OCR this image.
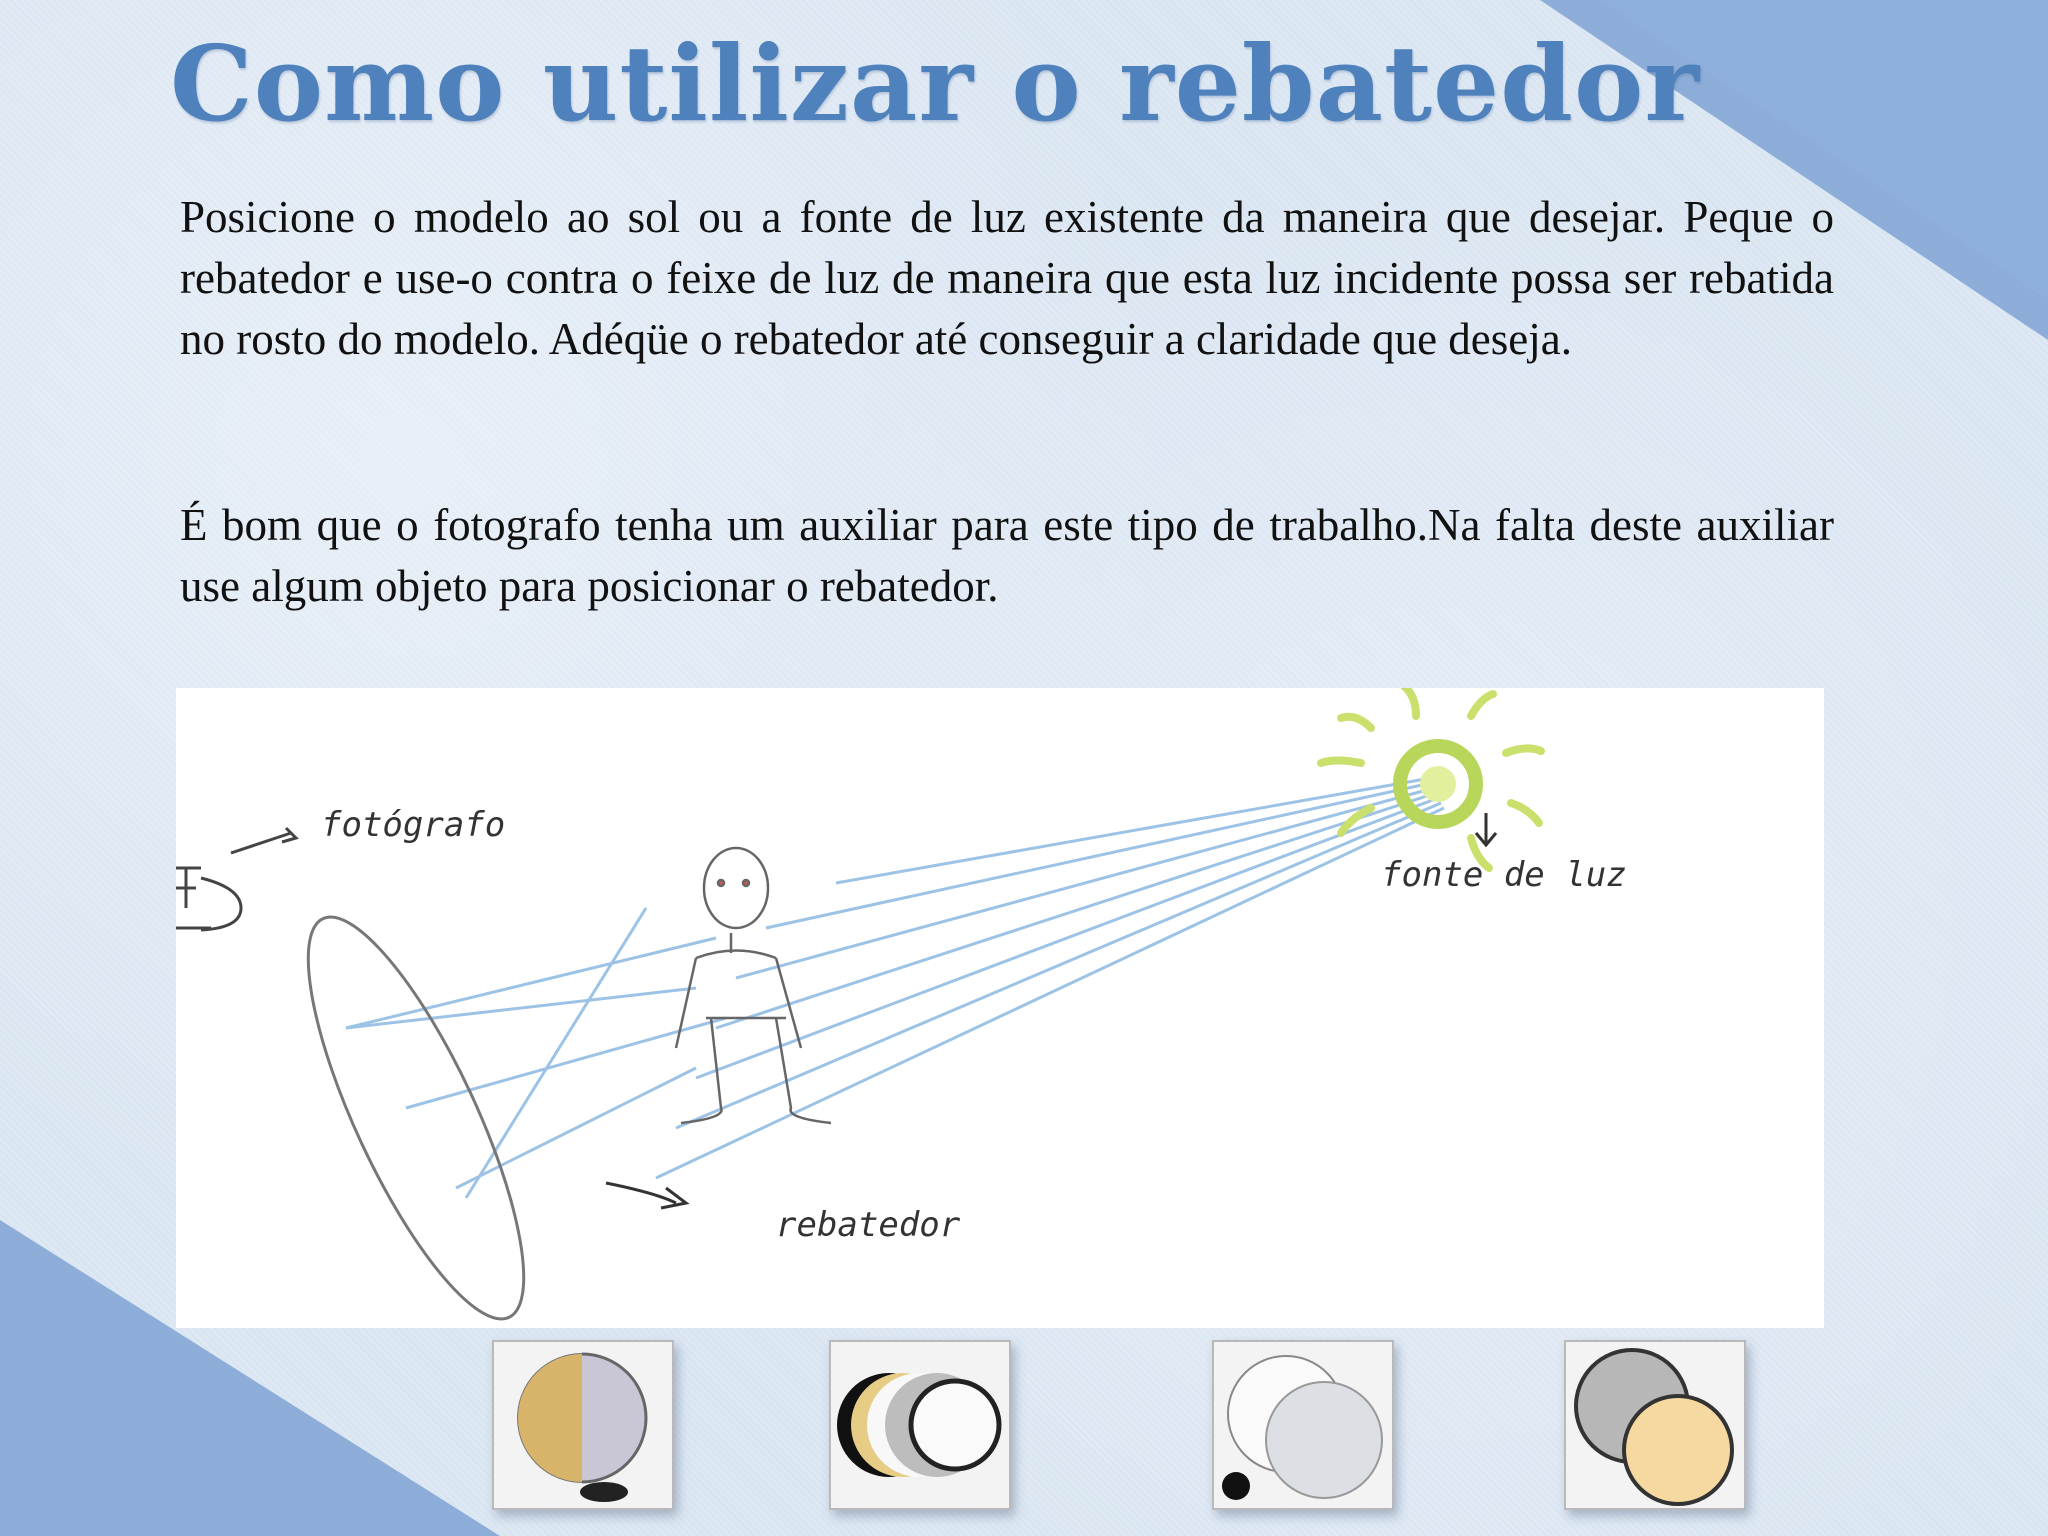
Como utilizar o rebatedor

Posicione o modelo ao sol ou a fonte de luz existente da maneira que desejar. Peque o rebatedor e use-o contra o feixe de luz de maneira que esta luz incidente possa ser rebatida no rosto do modelo. Adéqüe o rebatedor até conseguir a claridade que deseja.

É bom que o fotografo tenha um auxiliar para este tipo de trabalho.Na falta deste auxiliar use algum objeto para posicionar o rebatedor.

fotógrafo
fonte de luz
rebatedor
